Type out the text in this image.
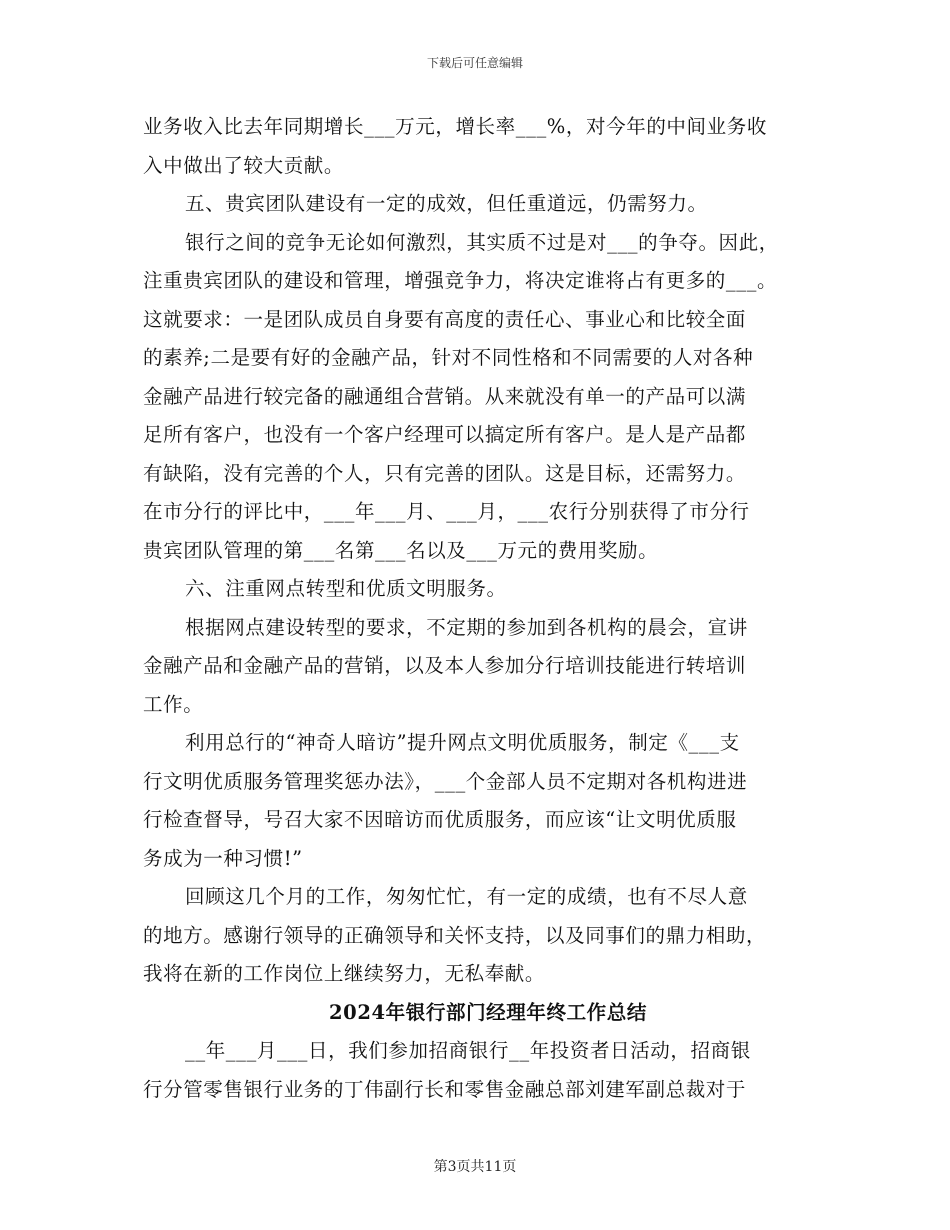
下载后可任意编辑
业务收入比去年同期增长___万元，增长率___%，对今年的中间业务收
入中做出了较大贡献。
五、贵宾团队建设有一定的成效，但任重道远，仍需努力。
银行之间的竞争无论如何激烈，其实质不过是对___的争夺。因此，
注重贵宾团队的建设和管理，增强竞争力，将决定谁将占有更多的___。
这就要求：一是团队成员自身要有高度的责任心、事业心和比较全面
的素养;二是要有好的金融产品，针对不同性格和不同需要的人对各种
金融产品进行较完备的融通组合营销。从来就没有单一的产品可以满
足所有客户，也没有一个客户经理可以搞定所有客户。是人是产品都
有缺陷，没有完善的个人，只有完善的团队。这是目标，还需努力。
在市分行的评比中，___年___月、___月，___农行分别获得了市分行
贵宾团队管理的第___名第___名以及___万元的费用奖励。
六、注重网点转型和优质文明服务。
根据网点建设转型的要求，不定期的参加到各机构的晨会，宣讲
金融产品和金融产品的营销，以及本人参加分行培训技能进行转培训
工作。
利用总行的“神奇人暗访”提升网点文明优质服务，制定《___支
行文明优质服务管理奖惩办法》，___个金部人员不定期对各机构进进
行检查督导，号召大家不因暗访而优质服务，而应该“让文明优质服
务成为一种习惯!”
回顾这几个月的工作，匆匆忙忙，有一定的成绩，也有不尽人意
的地方。感谢行领导的正确领导和关怀支持，以及同事们的鼎力相助，
我将在新的工作岗位上继续努力，无私奉献。
2024年银行部门经理年终工作总结
__年___月___日，我们参加招商银行__年投资者日活动，招商银
行分管零售银行业务的丁伟副行长和零售金融总部刘建军副总裁对于
第3页共11页
